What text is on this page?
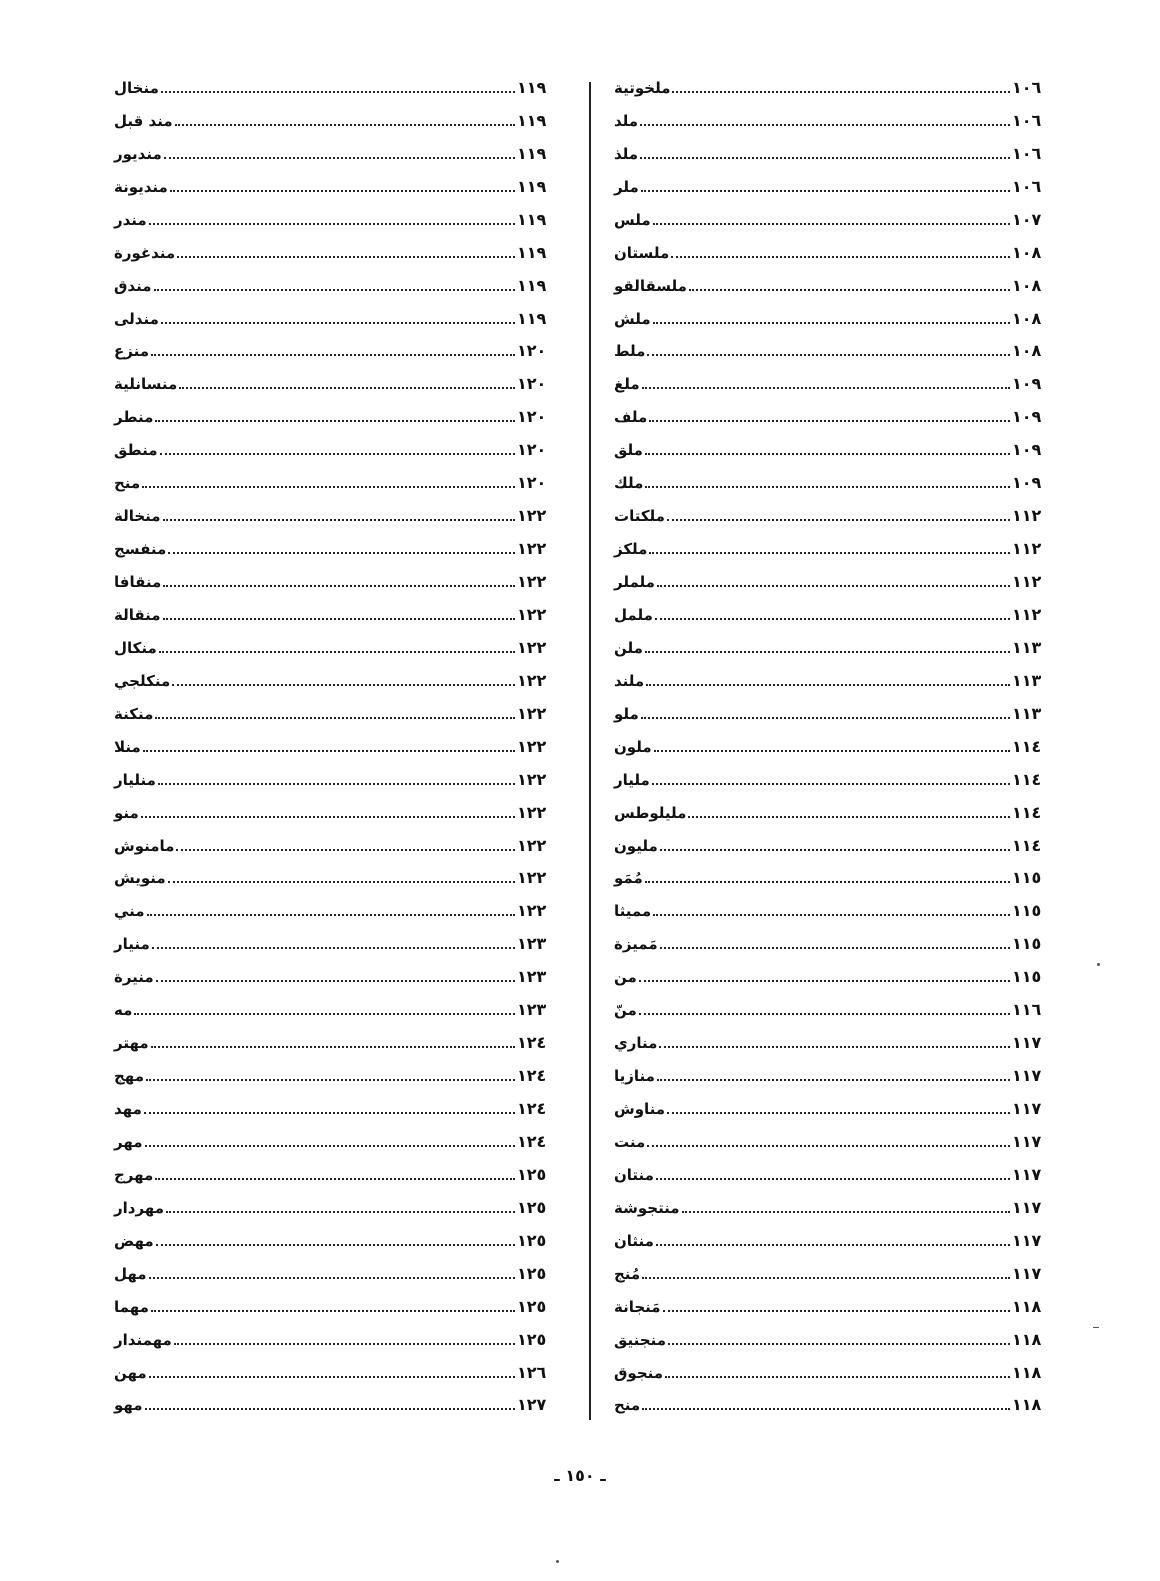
ملخوتية	١٠٦
ملد	١٠٦
ملذ	١٠٦
ملر	١٠٦
ملس	١٠٧
ملستان	١٠٨
ملسقالقو	١٠٨
ملش	١٠٨
ملط	١٠٨
ملغ	١٠٩
ملف	١٠٩
ملق	١٠٩
ملك	١٠٩
ملكتات	١١٢
ملكز	١١٢
ململر	١١٢
ململ	١١٢
ملن	١١٣
ملند	١١٣
ملو	١١٣
ملون	١١٤
مليار	١١٤
مليلوطس	١١٤
مليون	١١٤
مُمَو	١١٥
مميثا	١١٥
مَميزة	١١٥
من	١١٥
منّ	١١٦
مناري	١١٧
منازيا	١١٧
مناوش	١١٧
منت	١١٧
منتان	١١٧
منتجوشة	١١٧
منثان	١١٧
مُنج	١١٧
مَنجانة	١١٨
منجنيق	١١٨
منجوق	١١٨
منح	١١٨
منخال	١١٩
مند قبل	١١٩
منديور	١١٩
منديونة	١١٩
مندر	١١٩
مندغورة	١١٩
مندق	١١٩
مندلى	١١٩
منزع	١٢٠
منسانلية	١٢٠
منطر	١٢٠
منطق	١٢٠
منح	١٢٠
منخالة	١٢٢
منفسج	١٢٢
منقافا	١٢٢
منقالة	١٢٢
منكال	١٢٢
منكلجي	١٢٢
منكنة	١٢٢
منلا	١٢٢
منليار	١٢٢
منو	١٢٢
مامنوش	١٢٢
منويش	١٢٢
مني	١٢٢
منيار	١٢٣
منيرة	١٢٣
مه	١٢٣
مهتر	١٢٤
مهج	١٢٤
مهد	١٢٤
مهر	١٢٤
مهرج	١٢٥
مهردار	١٢٥
مهض	١٢٥
مهل	١٢٥
مهما	١٢٥
مهمندار	١٢٥
مهن	١٢٦
مهو	١٢٧
ـ ١٥٠ ـ
